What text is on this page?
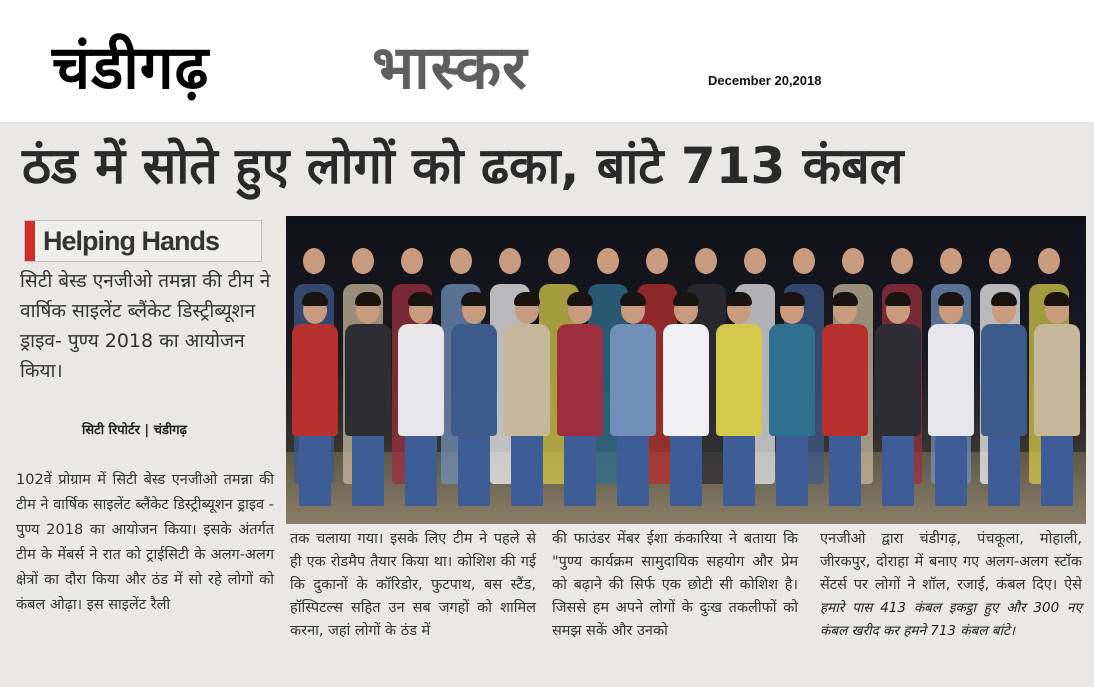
चंडीगढ़	भास्कर	December 20,2018
ठंड में सोते हुए लोगों को ढका, बांटे 713 कंबल
Helping Hands
सिटी बेस्ड एनजीओ तमन्ना की टीम ने वार्षिक साइलेंट ब्लैंकेट डिस्ट्रीब्यूशन ड्राइव- पुण्य 2018 का आयोजन किया।
सिटी रिपोर्टर | चंडीगढ़
102वें प्रोग्राम में सिटी बेस्ड एनजीओ तमन्ना की टीम ने वार्षिक साइलेंट ब्लैंकेट डिस्ट्रीब्यूशन ड्राइव - पुण्य 2018 का आयोजन किया। इसके अंतर्गत टीम के मेंबर्स ने रात को ट्राईसिटी के अलग-अलग क्षेत्रों का दौरा किया और ठंड में सो रहे लोगों को कंबल ओढ़ा। इस साइलेंट रैली
तक चलाया गया। इसके लिए टीम ने पहले से ही एक रोडमैप तैयार किया था। कोशिश की गई कि दुकानों के कॉरिडोर, फुटपाथ, बस स्टैंड, हॉस्पिटल्स सहित उन सब जगहों को शामिल करना, जहां लोगों के ठंड में
की फाउंडर मेंबर ईशा कंकारिया ने बताया कि "पुण्य कार्यक्रम सामुदायिक सहयोग और प्रेम को बढ़ाने की सिर्फ एक छोटी सी कोशिश है। जिससे हम अपने लोगों के दुःख तकलीफों को समझ सकें और उनको
एनजीओ द्वारा चंडीगढ़, पंचकूला, मोहाली, जीरकपुर, दोराहा में बनाए गए अलग-अलग स्टॉक सेंटर्स पर लोगों ने शॉल, रजाई, कंबल दिए। ऐसे हमारे पास 413 कंबल इकट्ठा हुए और 300 नए कंबल खरीद कर हमने 713 कंबल बांटे।
